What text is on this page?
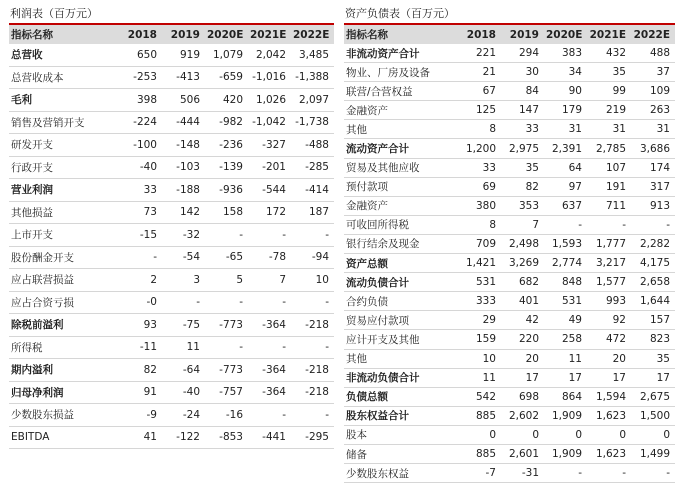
利润表（百万元）
指标名称	2018	2019	2020E	2021E	2022E
总营收	650	919	1,079	2,042	3,485
总营收成本	-253	-413	-659	-1,016	-1,388
毛利	398	506	420	1,026	2,097
销售及营销开支	-224	-444	-982	-1,042	-1,738
研发开支	-100	-148	-236	-327	-488
行政开支	-40	-103	-139	-201	-285
营业利润	33	-188	-936	-544	-414
其他损益	73	142	158	172	187
上市开支	-15	-32	-	-	-
股份酬金开支	-	-54	-65	-78	-94
应占联营损益	2	3	5	7	10
应占合资亏损	-0	-	-	-	-
除税前溢利	93	-75	-773	-364	-218
所得税	-11	11	-	-	-
期内溢利	82	-64	-773	-364	-218
归母净利润	91	-40	-757	-364	-218
少数股东损益	-9	-24	-16	-	-
EBITDA	41	-122	-853	-441	-295
资产负债表（百万元）
指标名称	2018	2019	2020E	2021E	2022E
非流动资产合计	221	294	383	432	488
物业、厂房及设备	21	30	34	35	37
联营/合营权益	67	84	90	99	109
金融资产	125	147	179	219	263
其他	8	33	31	31	31
流动资产合计	1,200	2,975	2,391	2,785	3,686
贸易及其他应收	33	35	64	107	174
预付款项	69	82	97	191	317
金融资产	380	353	637	711	913
可收回所得税	8	7	-	-	-
银行结余及现金	709	2,498	1,593	1,777	2,282
资产总额	1,421	3,269	2,774	3,217	4,175
流动负债合计	531	682	848	1,577	2,658
合约负债	333	401	531	993	1,644
贸易应付款项	29	42	49	92	157
应计开支及其他	159	220	258	472	823
其他	10	20	11	20	35
非流动负债合计	11	17	17	17	17
负债总额	542	698	864	1,594	2,675
股东权益合计	885	2,602	1,909	1,623	1,500
股本	0	0	0	0	0
储备	885	2,601	1,909	1,623	1,499
少数股东权益	-7	-31	-	-	-
